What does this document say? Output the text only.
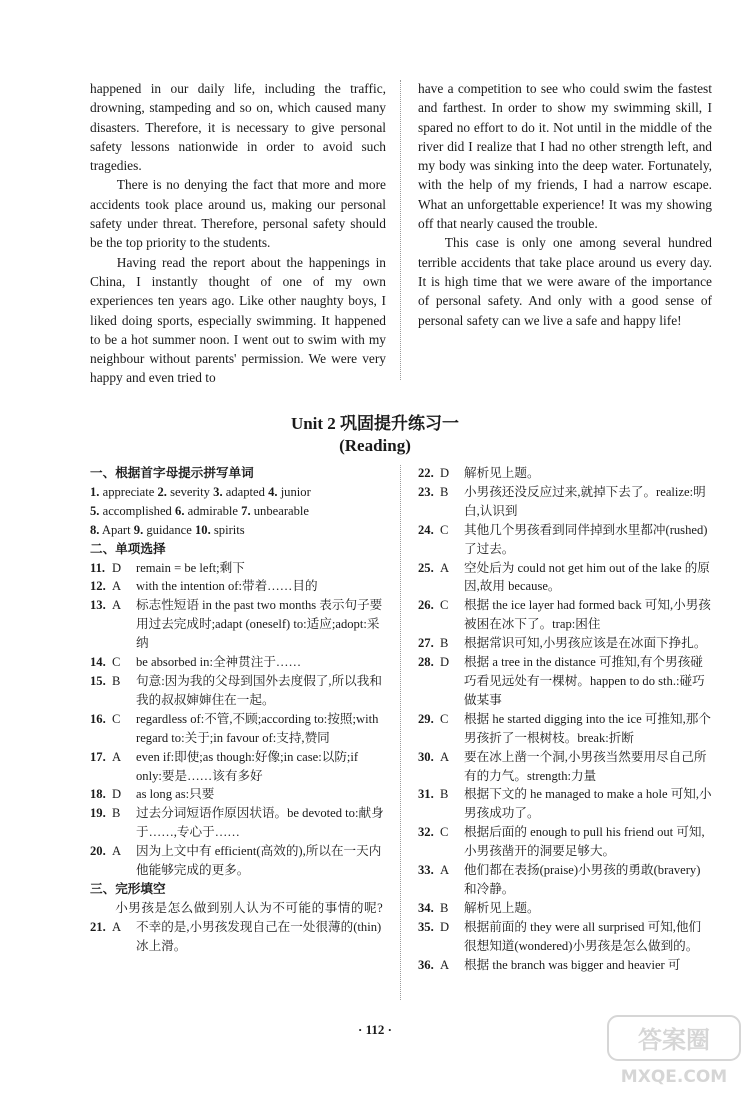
happened in our daily life, including the traffic, drowning, stampeding and so on, which caused many disasters. Therefore, it is necessary to give personal safety lessons nationwide in order to avoid such tragedies.

There is no denying the fact that more and more accidents took place around us, making our personal safety under threat. Therefore, personal safety should be the top priority to the students.

Having read the report about the happenings in China, I instantly thought of one of my own experiences ten years ago. Like other naughty boys, I liked doing sports, especially swimming. It happened to be a hot summer noon. I went out to swim with my neighbour without parents' permission. We were very happy and even tried to

have a competition to see who could swim the fastest and farthest. In order to show my swimming skill, I spared no effort to do it. Not until in the middle of the river did I realize that I had no other strength left, and my body was sinking into the deep water. Fortunately, with the help of my friends, I had a narrow escape. What an unforgettable experience! It was my showing off that nearly caused the trouble.

This case is only one among several hundred terrible accidents that take place around us every day. It is high time that we were aware of the importance of personal safety. And only with a good sense of personal safety can we live a safe and happy life!

Unit 2 巩固提升练习一
(Reading)
一、根据首字母提示拼写单词
1. appreciate 2. severity 3. adapted 4. junior
5. accomplished 6. admirable 7. unbearable
8. Apart 9. guidance 10. spirits
二、单项选择
11. D	remain = be left;剩下
12. A	with the intention of:带着……目的
13. A	标志性短语 in the past two months 表示句子要用过去完成时;adapt (oneself) to:适应;adopt:采纳
14. C	be absorbed in:全神贯注于……
15. B	句意:因为我的父母到国外去度假了,所以我和我的叔叔婶婶住在一起。
16. C	regardless of:不管,不顾;according to:按照;with regard to:关于;in favour of:支持,赞同
17. A	even if:即使;as though:好像;in case:以防;if only:要是……该有多好
18. D	as long as:只要
19. B	过去分词短语作原因状语。be devoted to:献身于……,专心于……
20. A	因为上文中有 efficient(高效的),所以在一天内他能够完成的更多。
三、完形填空
小男孩是怎么做到别人认为不可能的事情的呢?
21. A	不幸的是,小男孩发现自己在一处很薄的(thin)冰上滑。
22. D	解析见上题。
23. B	小男孩还没反应过来,就掉下去了。realize:明白,认识到
24. C	其他几个男孩看到同伴掉到水里都冲(rushed)了过去。
25. A	空处后为 could not get him out of the lake 的原因,故用 because。
26. C	根据 the ice layer had formed back 可知,小男孩被困在冰下了。trap:困住
27. B	根据常识可知,小男孩应该是在冰面下挣扎。
28. D	根据 a tree in the distance 可推知,有个男孩碰巧看见远处有一棵树。happen to do sth.:碰巧做某事
29. C	根据 he started digging into the ice 可推知,那个男孩折了一根树枝。break:折断
30. A	要在冰上凿一个洞,小男孩当然要用尽自己所有的力气。strength:力量
31. B	根据下文的 he managed to make a hole 可知,小男孩成功了。
32. C	根据后面的 enough to pull his friend out 可知,小男孩凿开的洞要足够大。
33. A	他们都在表扬(praise)小男孩的勇敢(bravery)和冷静。
34. B	解析见上题。
35. D	根据前面的 they were all surprised 可知,他们很想知道(wondered)小男孩是怎么做到的。
36. A	根据 the branch was bigger and heavier 可
· 112 ·	答案圈
MXQE.COM
